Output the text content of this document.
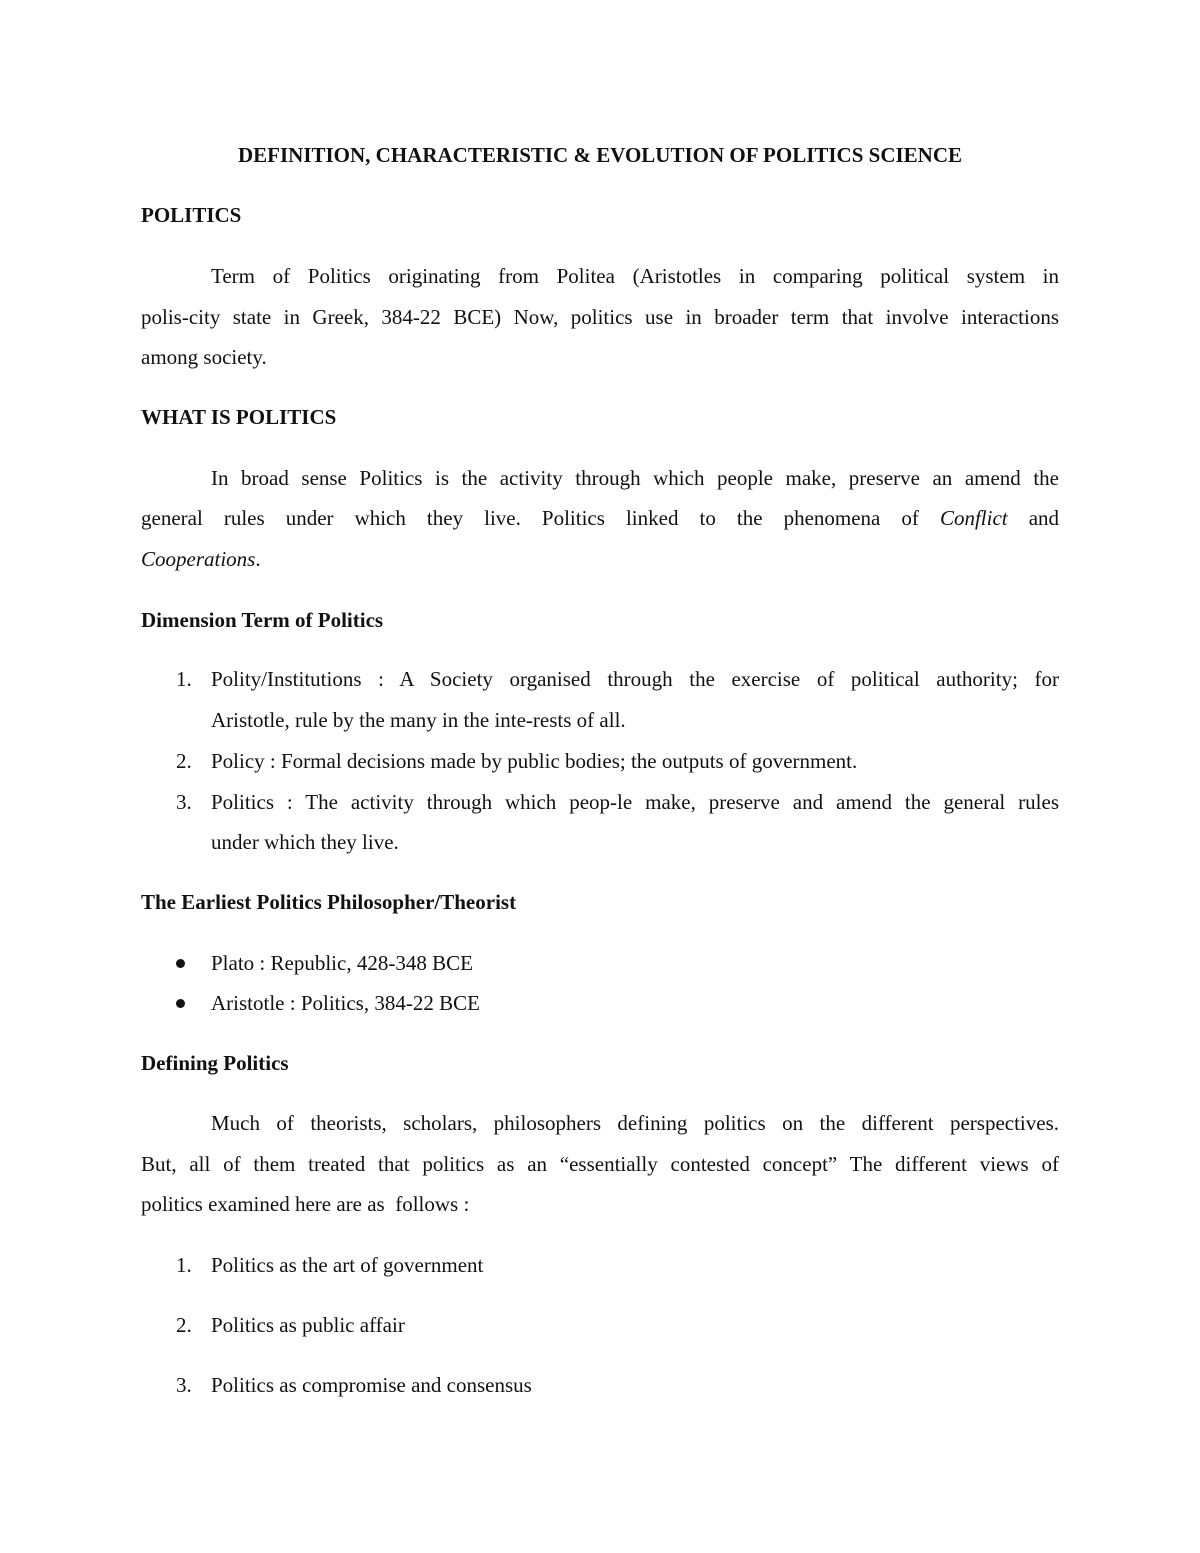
DEFINITION, CHARACTERISTIC & EVOLUTION OF POLITICS SCIENCE
POLITICS
Term of Politics originating from Politea (Aristotles in comparing political system in
polis-city state in Greek, 384-22 BCE) Now, politics use in broader term that involve interactions
among society.
WHAT IS POLITICS
In broad sense Politics is the activity through which people make, preserve an amend the
general rules under which they live. Politics linked to the phenomena of Conflict and
Cooperations.
Dimension Term of Politics
1. Polity/Institutions : A Society organised through the exercise of political authority; for
Aristotle, rule by the many in the inte-rests of all.
2. Policy : Formal decisions made by public bodies; the outputs of government.
3. Politics : The activity through which peop-le make, preserve and amend the general rules
under which they live.
The Earliest Politics Philosopher/Theorist
Plato : Republic, 428-348 BCE
Aristotle : Politics, 384-22 BCE
Defining Politics
Much of theorists, scholars, philosophers defining politics on the different perspectives.
But, all of them treated that politics as an “essentially contested concept” The different views of
politics examined here are as  follows :
1. Politics as the art of government
2. Politics as public affair
3. Politics as compromise and consensus
